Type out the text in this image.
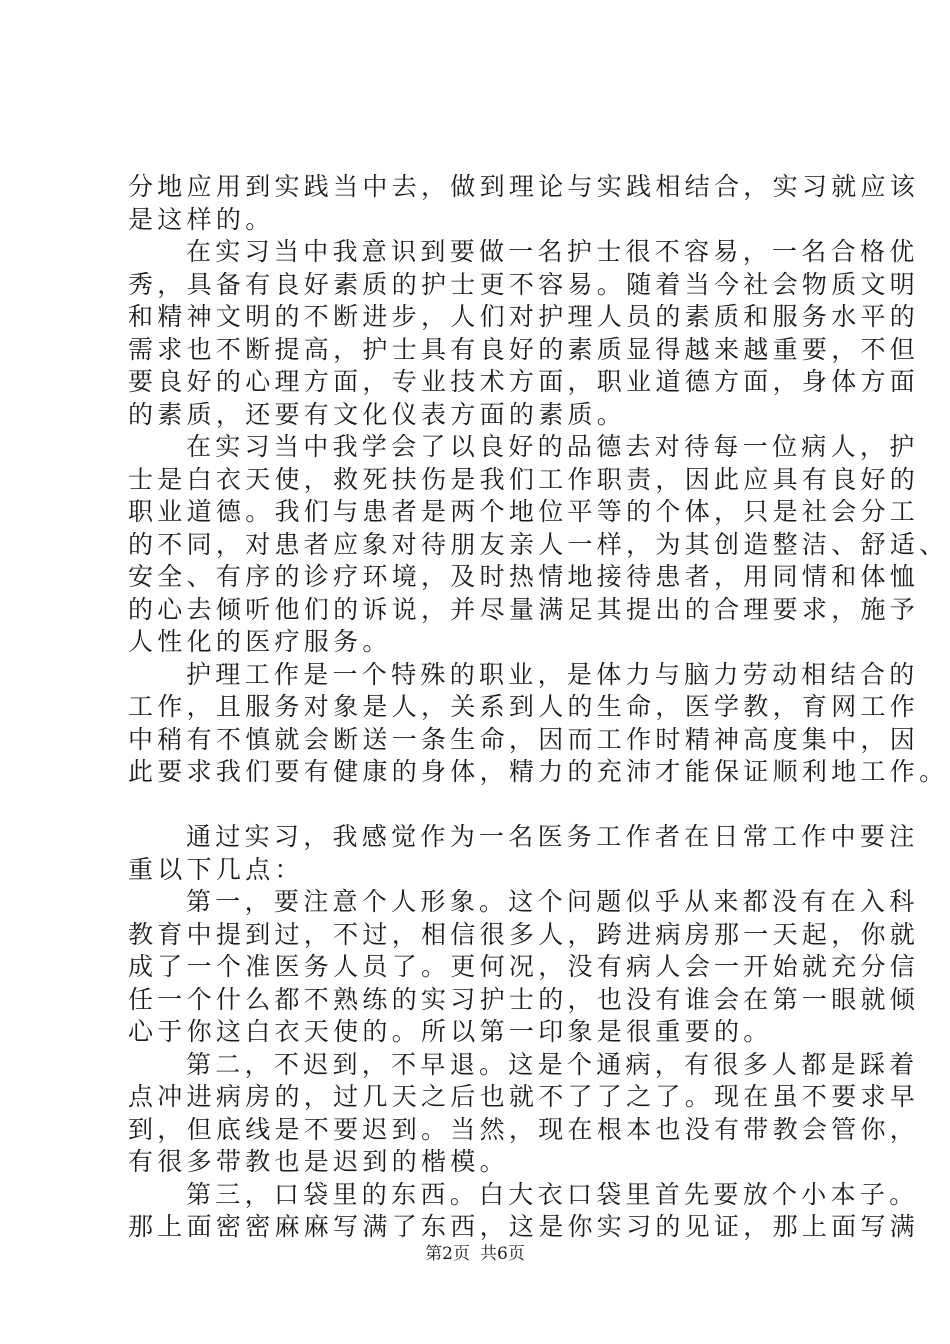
分地应用到实践当中去，做到理论与实践相结合，实习就应该
是这样的。
在实习当中我意识到要做一名护士很不容易，一名合格优
秀，具备有良好素质的护士更不容易。随着当今社会物质文明
和精神文明的不断进步，人们对护理人员的素质和服务水平的
需求也不断提高，护士具有良好的素质显得越来越重要，不但
要良好的心理方面，专业技术方面，职业道德方面，身体方面
的素质，还要有文化仪表方面的素质。
在实习当中我学会了以良好的品德去对待每一位病人，护
士是白衣天使，救死扶伤是我们工作职责，因此应具有良好的
职业道德。我们与患者是两个地位平等的个体，只是社会分工
的不同，对患者应象对待朋友亲人一样，为其创造整洁、舒适、
安全、有序的诊疗环境，及时热情地接待患者，用同情和体恤
的心去倾听他们的诉说，并尽量满足其提出的合理要求，施予
人性化的医疗服务。
护理工作是一个特殊的职业，是体力与脑力劳动相结合的
工作，且服务对象是人，关系到人的生命，医学教，育网工作
中稍有不慎就会断送一条生命，因而工作时精神高度集中，因
此要求我们要有健康的身体，精力的充沛才能保证顺利地工作。
通过实习，我感觉作为一名医务工作者在日常工作中要注
重以下几点：
第一，要注意个人形象。这个问题似乎从来都没有在入科
教育中提到过，不过，相信很多人，跨进病房那一天起，你就
成了一个准医务人员了。更何况，没有病人会一开始就充分信
任一个什么都不熟练的实习护士的，也没有谁会在第一眼就倾
心于你这白衣天使的。所以第一印象是很重要的。
第二，不迟到，不早退。这是个通病，有很多人都是踩着
点冲进病房的，过几天之后也就不了了之了。现在虽不要求早
到，但底线是不要迟到。当然，现在根本也没有带教会管你，
有很多带教也是迟到的楷模。
第三，口袋里的东西。白大衣口袋里首先要放个小本子。
那上面密密麻麻写满了东西，这是你实习的见证，那上面写满
第2页 共6页
